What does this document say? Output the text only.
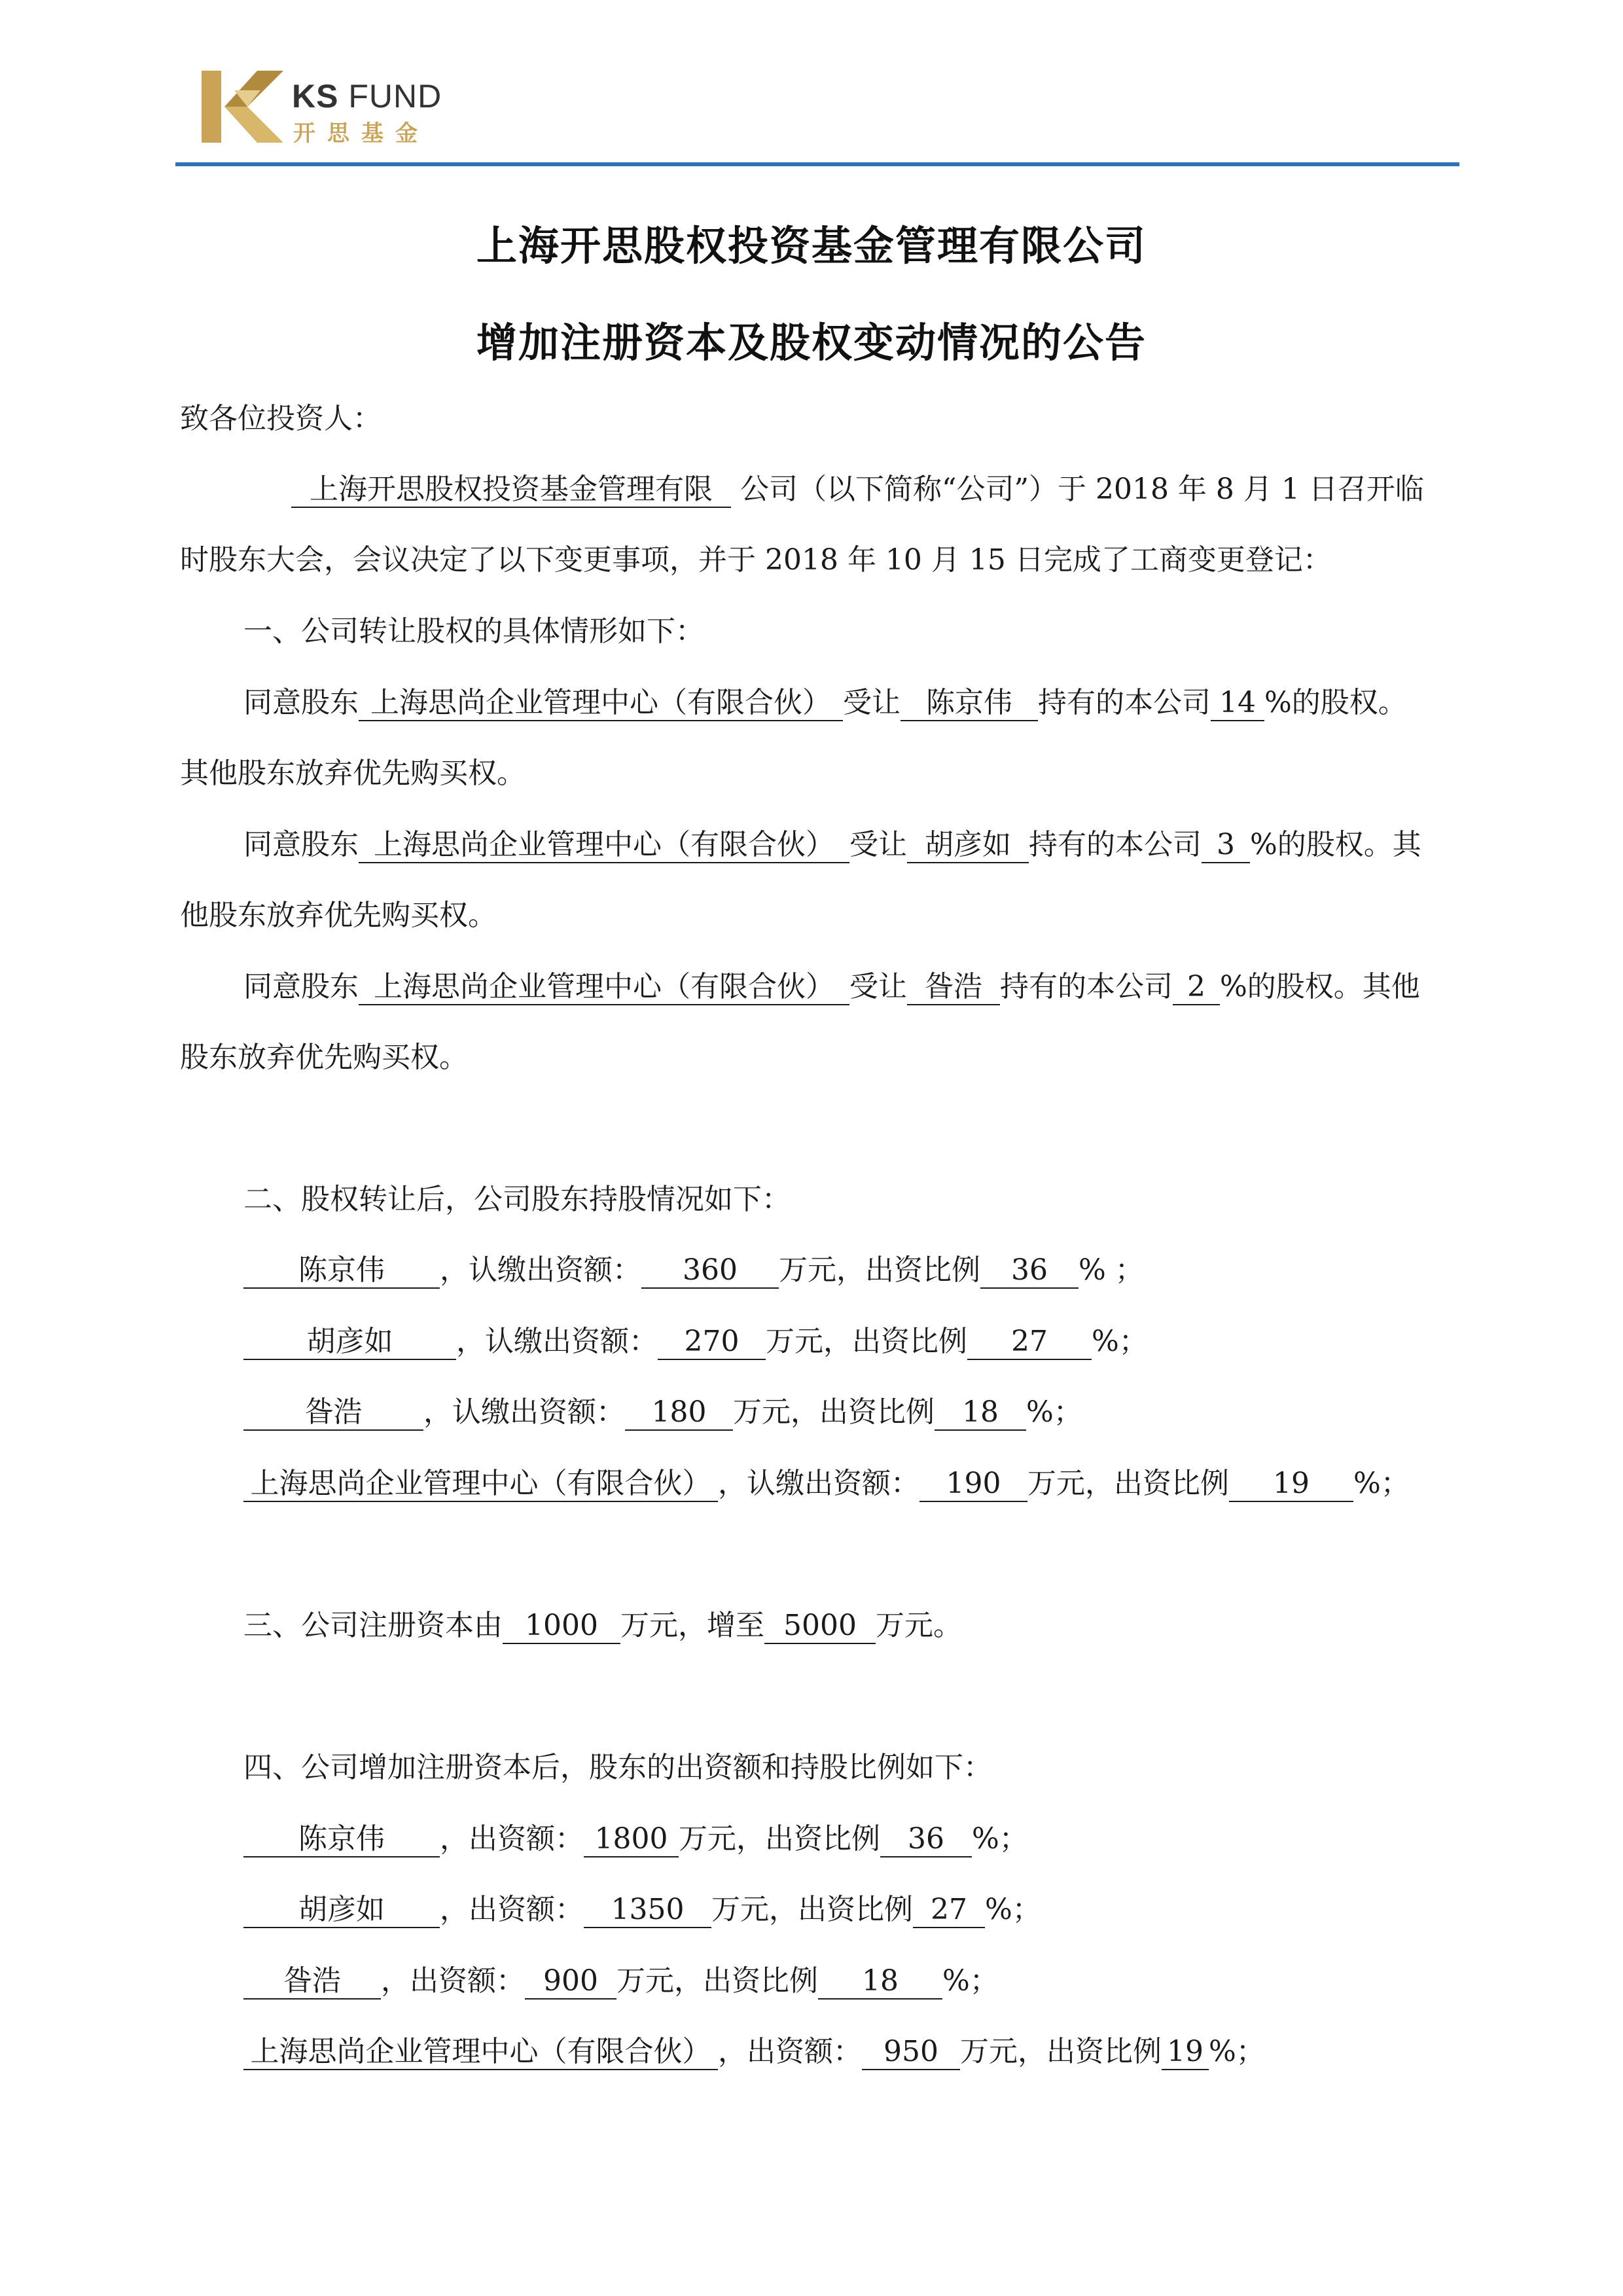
KS FUND
开思基金
上海开思股权投资基金管理有限公司
增加注册资本及股权变动情况的公告
致各位投资人：
上海开思股权投资基金管理有限 公司（以下简称“公司”）于 2018 年 8 月 1 日召开临
时股东大会，会议决定了以下变更事项，并于 2018 年 10 月 15 日完成了工商变更登记：
一、公司转让股权的具体情形如下：
同意股东 上海思尚企业管理中心（有限合伙） 受让 陈京伟 持有的本公司 14 %的股权。
其他股东放弃优先购买权。
同意股东 上海思尚企业管理中心（有限合伙） 受让 胡彦如 持有的本公司 3 %的股权。其
他股东放弃优先购买权。
同意股东 上海思尚企业管理中心（有限合伙） 受让 昝浩 持有的本公司 2 %的股权。其他
股东放弃优先购买权。
二、股权转让后，公司股东持股情况如下：
陈京伟 ，认缴出资额： 360 万元，出资比例 36 % ；
胡彦如 ，认缴出资额： 270 万元，出资比例 27 %；
昝浩 ，认缴出资额： 180 万元，出资比例 18 %；
上海思尚企业管理中心（有限合伙） ，认缴出资额： 190 万元，出资比例 19 %；
三、公司注册资本由 1000 万元，增至 5000 万元。
四、公司增加注册资本后，股东的出资额和持股比例如下：
陈京伟 ，出资额： 1800 万元，出资比例 36 %；
胡彦如 ，出资额： 1350 万元，出资比例 27 %；
昝浩 ，出资额： 900 万元，出资比例 18 %；
上海思尚企业管理中心（有限合伙） ，出资额： 950 万元，出资比例 19 %；
